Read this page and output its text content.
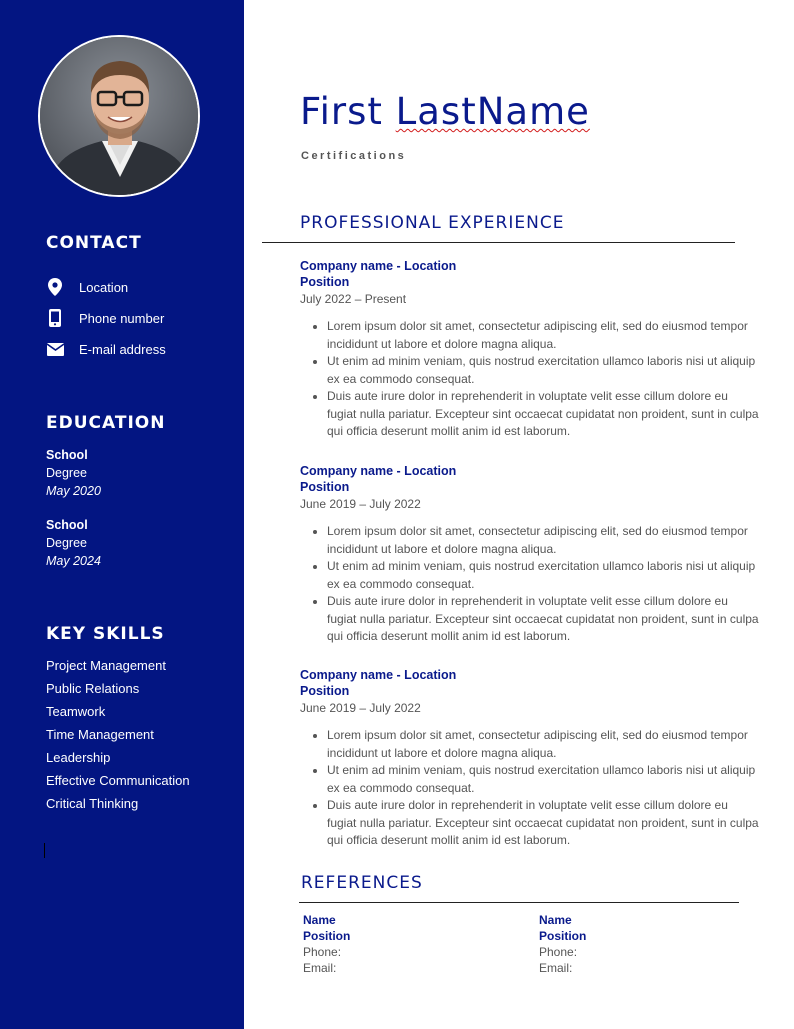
CONTACT
Location
Phone number
E-mail address
EDUCATION
School
Degree
May 2020
School
Degree
May 2024
KEY SKILLS
Project Management
Public Relations
Teamwork
Time Management
Leadership
Effective Communication
Critical Thinking
First LastName
Certifications
PROFESSIONAL EXPERIENCE
Company name - Location
Position
July 2022 – Present
• Lorem ipsum dolor sit amet, consectetur adipiscing elit, sed do eiusmod tempor incididunt ut labore et dolore magna aliqua.
• Ut enim ad minim veniam, quis nostrud exercitation ullamco laboris nisi ut aliquip ex ea commodo consequat.
• Duis aute irure dolor in reprehenderit in voluptate velit esse cillum dolore eu fugiat nulla pariatur. Excepteur sint occaecat cupidatat non proident, sunt in culpa qui officia deserunt mollit anim id est laborum.
Company name - Location
Position
June 2019 – July 2022
• Lorem ipsum dolor sit amet, consectetur adipiscing elit, sed do eiusmod tempor incididunt ut labore et dolore magna aliqua.
• Ut enim ad minim veniam, quis nostrud exercitation ullamco laboris nisi ut aliquip ex ea commodo consequat.
• Duis aute irure dolor in reprehenderit in voluptate velit esse cillum dolore eu fugiat nulla pariatur. Excepteur sint occaecat cupidatat non proident, sunt in culpa qui officia deserunt mollit anim id est laborum.
Company name - Location
Position
June 2019 – July 2022
• Lorem ipsum dolor sit amet, consectetur adipiscing elit, sed do eiusmod tempor incididunt ut labore et dolore magna aliqua.
• Ut enim ad minim veniam, quis nostrud exercitation ullamco laboris nisi ut aliquip ex ea commodo consequat.
• Duis aute irure dolor in reprehenderit in voluptate velit esse cillum dolore eu fugiat nulla pariatur. Excepteur sint occaecat cupidatat non proident, sunt in culpa qui officia deserunt mollit anim id est laborum.
REFERENCES
Name
Position
Phone:
Email:
Name
Position
Phone:
Email:
